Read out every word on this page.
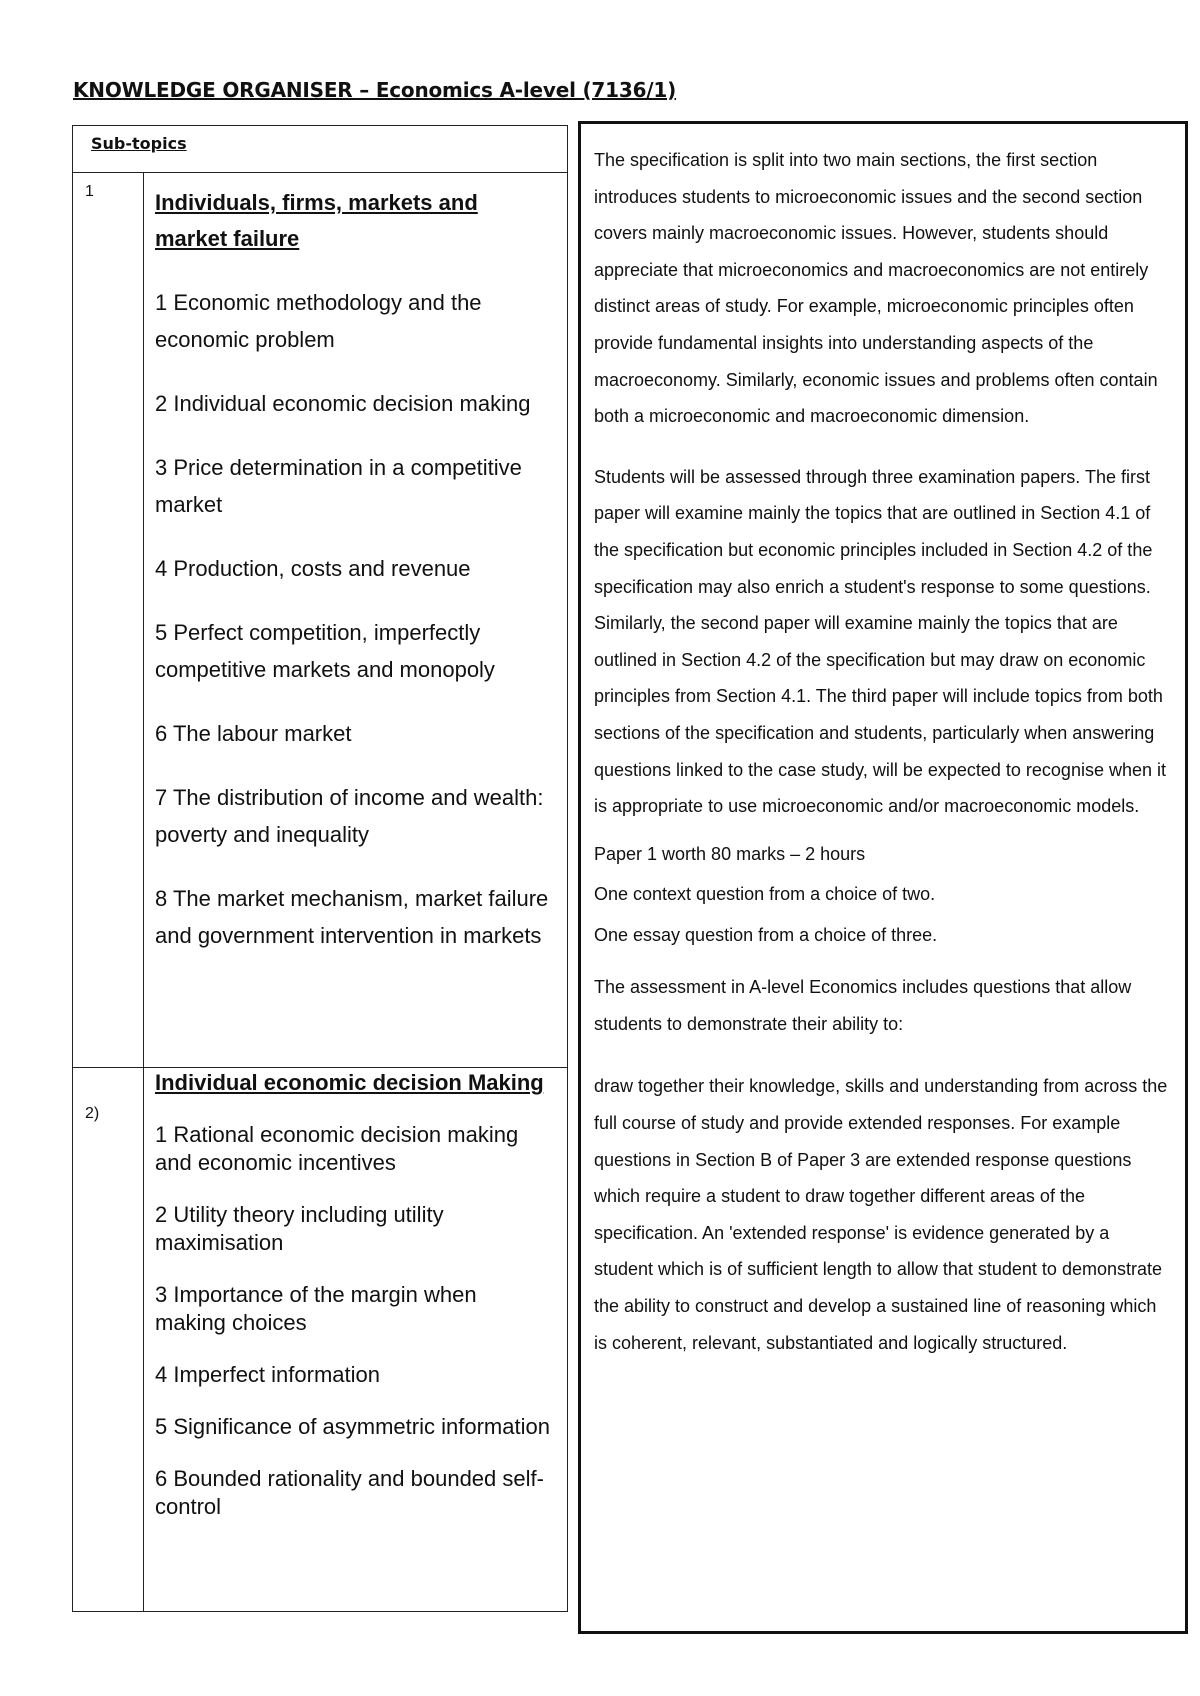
KNOWLEDGE ORGANISER – Economics A-level (7136/1)
Sub-topics
1	Individuals, firms, markets and market failure

1 Economic methodology and the economic problem

2 Individual economic decision making

3 Price determination in a competitive market

4 Production, costs and revenue

5 Perfect competition, imperfectly competitive markets and monopoly

6 The labour market

7 The distribution of income and wealth: poverty and inequality

8 The market mechanism, market failure and government intervention in markets

2)

Individual economic decision Making

1 Rational economic decision making and economic incentives

2 Utility theory including utility maximisation

3 Importance of the margin when making choices

4 Imperfect information

5 Significance of asymmetric information

6 Bounded rationality and bounded self-control

The specification is split into two main sections, the first section introduces students to microeconomic issues and the second section covers mainly macroeconomic issues. However, students should appreciate that microeconomics and macroeconomics are not entirely distinct areas of study. For example, microeconomic principles often provide fundamental insights into understanding aspects of the macroeconomy. Similarly, economic issues and problems often contain both a microeconomic and macroeconomic dimension.

Students will be assessed through three examination papers. The first paper will examine mainly the topics that are outlined in Section 4.1 of the specification but economic principles included in Section 4.2 of the specification may also enrich a student's response to some questions. Similarly, the second paper will examine mainly the topics that are outlined in Section 4.2 of the specification but may draw on economic principles from Section 4.1. The third paper will include topics from both sections of the specification and students, particularly when answering questions linked to the case study, will be expected to recognise when it is appropriate to use microeconomic and/or macroeconomic models.

Paper 1 worth 80 marks – 2 hours

One context question from a choice of two.

One essay question from a choice of three.

The assessment in A-level Economics includes questions that allow students to demonstrate their ability to:

draw together their knowledge, skills and understanding from across the full course of study and provide extended responses. For example questions in Section B of Paper 3 are extended response questions which require a student to draw together different areas of the specification. An 'extended response' is evidence generated by a student which is of sufficient length to allow that student to demonstrate the ability to construct and develop a sustained line of reasoning which is coherent, relevant, substantiated and logically structured.
